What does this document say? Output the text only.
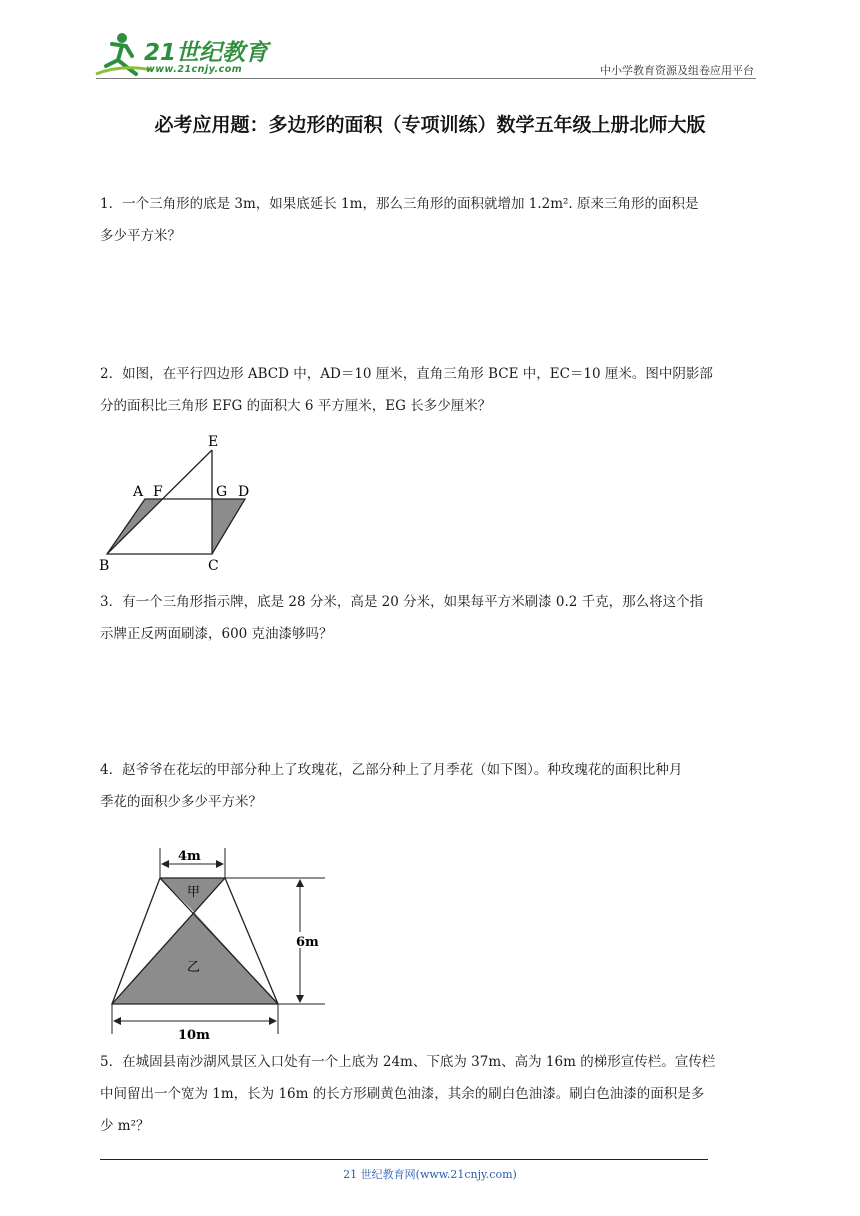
21世纪教育
www.21cnjy.com	中小学教育资源及组卷应用平台
必考应用题：多边形的面积（专项训练）数学五年级上册北师大版
1．一个三角形的底是 3m，如果底延长 1m，那么三角形的面积就增加 1.2m². 原来三角形的面积是
多少平方米？
2．如图，在平行四边形 ABCD 中，AD＝10 厘米，直角三角形 BCE 中，EC＝10 厘米。图中阴影部
分的面积比三角形 EFG 的面积大 6 平方厘米，EG 长多少厘米？
E
A F	G D
B	C
3．有一个三角形指示牌，底是 28 分米，高是 20 分米，如果每平方米刷漆 0.2 千克，那么将这个指
示牌正反两面刷漆，600 克油漆够吗？
4．赵爷爷在花坛的甲部分种上了玫瑰花，乙部分种上了月季花（如下图）。种玫瑰花的面积比种月
季花的面积少多少平方米？
4m
6m
10m
甲
乙
5．在城固县南沙湖风景区入口处有一个上底为 24m、下底为 37m、高为 16m 的梯形宣传栏。宣传栏
中间留出一个宽为 1m，长为 16m 的长方形刷黄色油漆，其余的刷白色油漆。刷白色油漆的面积是多
少 m²？
21 世纪教育网(www.21cnjy.com)
